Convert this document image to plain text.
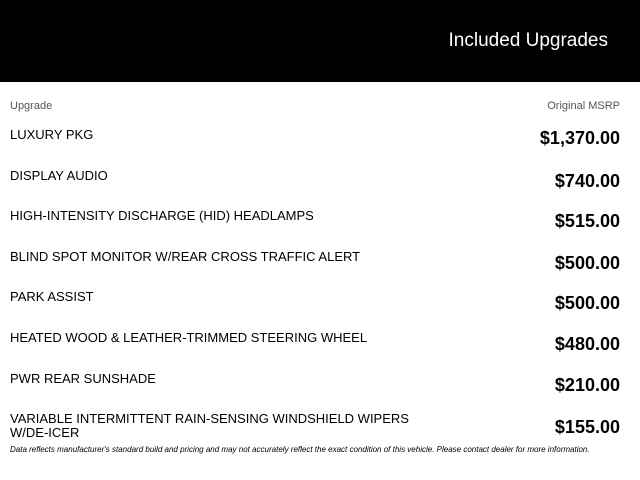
Included Upgrades
Upgrade	Original MSRP
LUXURY PKG	$1,370.00
DISPLAY AUDIO	$740.00
HIGH-INTENSITY DISCHARGE (HID) HEADLAMPS	$515.00
BLIND SPOT MONITOR W/REAR CROSS TRAFFIC ALERT	$500.00
PARK ASSIST	$500.00
HEATED WOOD & LEATHER-TRIMMED STEERING WHEEL	$480.00
PWR REAR SUNSHADE	$210.00
VARIABLE INTERMITTENT RAIN-SENSING WINDSHIELD WIPERS W/DE-ICER	$155.00
Data reflects manufacturer's standard build and pricing and may not accurately reflect the exact condition of this vehicle. Please contact dealer for more information.
